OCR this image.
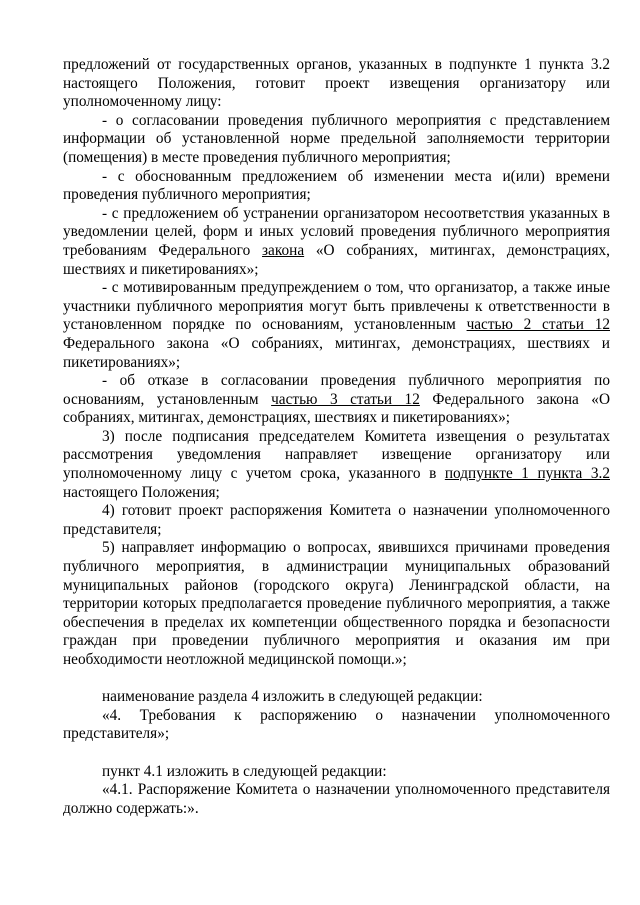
предложений от государственных органов, указанных в подпункте 1 пункта 3.2 настоящего Положения, готовит проект извещения организатору или уполномоченному лицу:

- о согласовании проведения публичного мероприятия с представлением информации об установленной норме предельной заполняемости территории (помещения) в месте проведения публичного мероприятия;

- с обоснованным предложением об изменении места и(или) времени проведения публичного мероприятия;

- с предложением об устранении организатором несоответствия указанных в уведомлении целей, форм и иных условий проведения публичного мероприятия требованиям Федерального закона «О собраниях, митингах, демонстрациях, шествиях и пикетированиях»;

- с мотивированным предупреждением о том, что организатор, а также иные участники публичного мероприятия могут быть привлечены к ответственности в установленном порядке по основаниям, установленным частью 2 статьи 12 Федерального закона «О собраниях, митингах, демонстрациях, шествиях и пикетированиях»;

- об отказе в согласовании проведения публичного мероприятия по основаниям, установленным частью 3 статьи 12 Федерального закона «О собраниях, митингах, демонстрациях, шествиях и пикетированиях»;

3) после подписания председателем Комитета извещения о результатах рассмотрения уведомления направляет извещение организатору или уполномоченному лицу с учетом срока, указанного в подпункте 1 пункта 3.2 настоящего Положения;

4) готовит проект распоряжения Комитета о назначении уполномоченного представителя;

5) направляет информацию о вопросах, явившихся причинами проведения публичного мероприятия, в администрации муниципальных образований муниципальных районов (городского округа) Ленинградской области, на территории которых предполагается проведение публичного мероприятия, а также обеспечения в пределах их компетенции общественного порядка и безопасности граждан при проведении публичного мероприятия и оказания им при необходимости неотложной медицинской помощи.»;

наименование раздела 4 изложить в следующей редакции:

«4. Требования к распоряжению о назначении уполномоченного представителя»;

пункт 4.1 изложить в следующей редакции:

«4.1. Распоряжение Комитета о назначении уполномоченного представителя должно содержать:».
